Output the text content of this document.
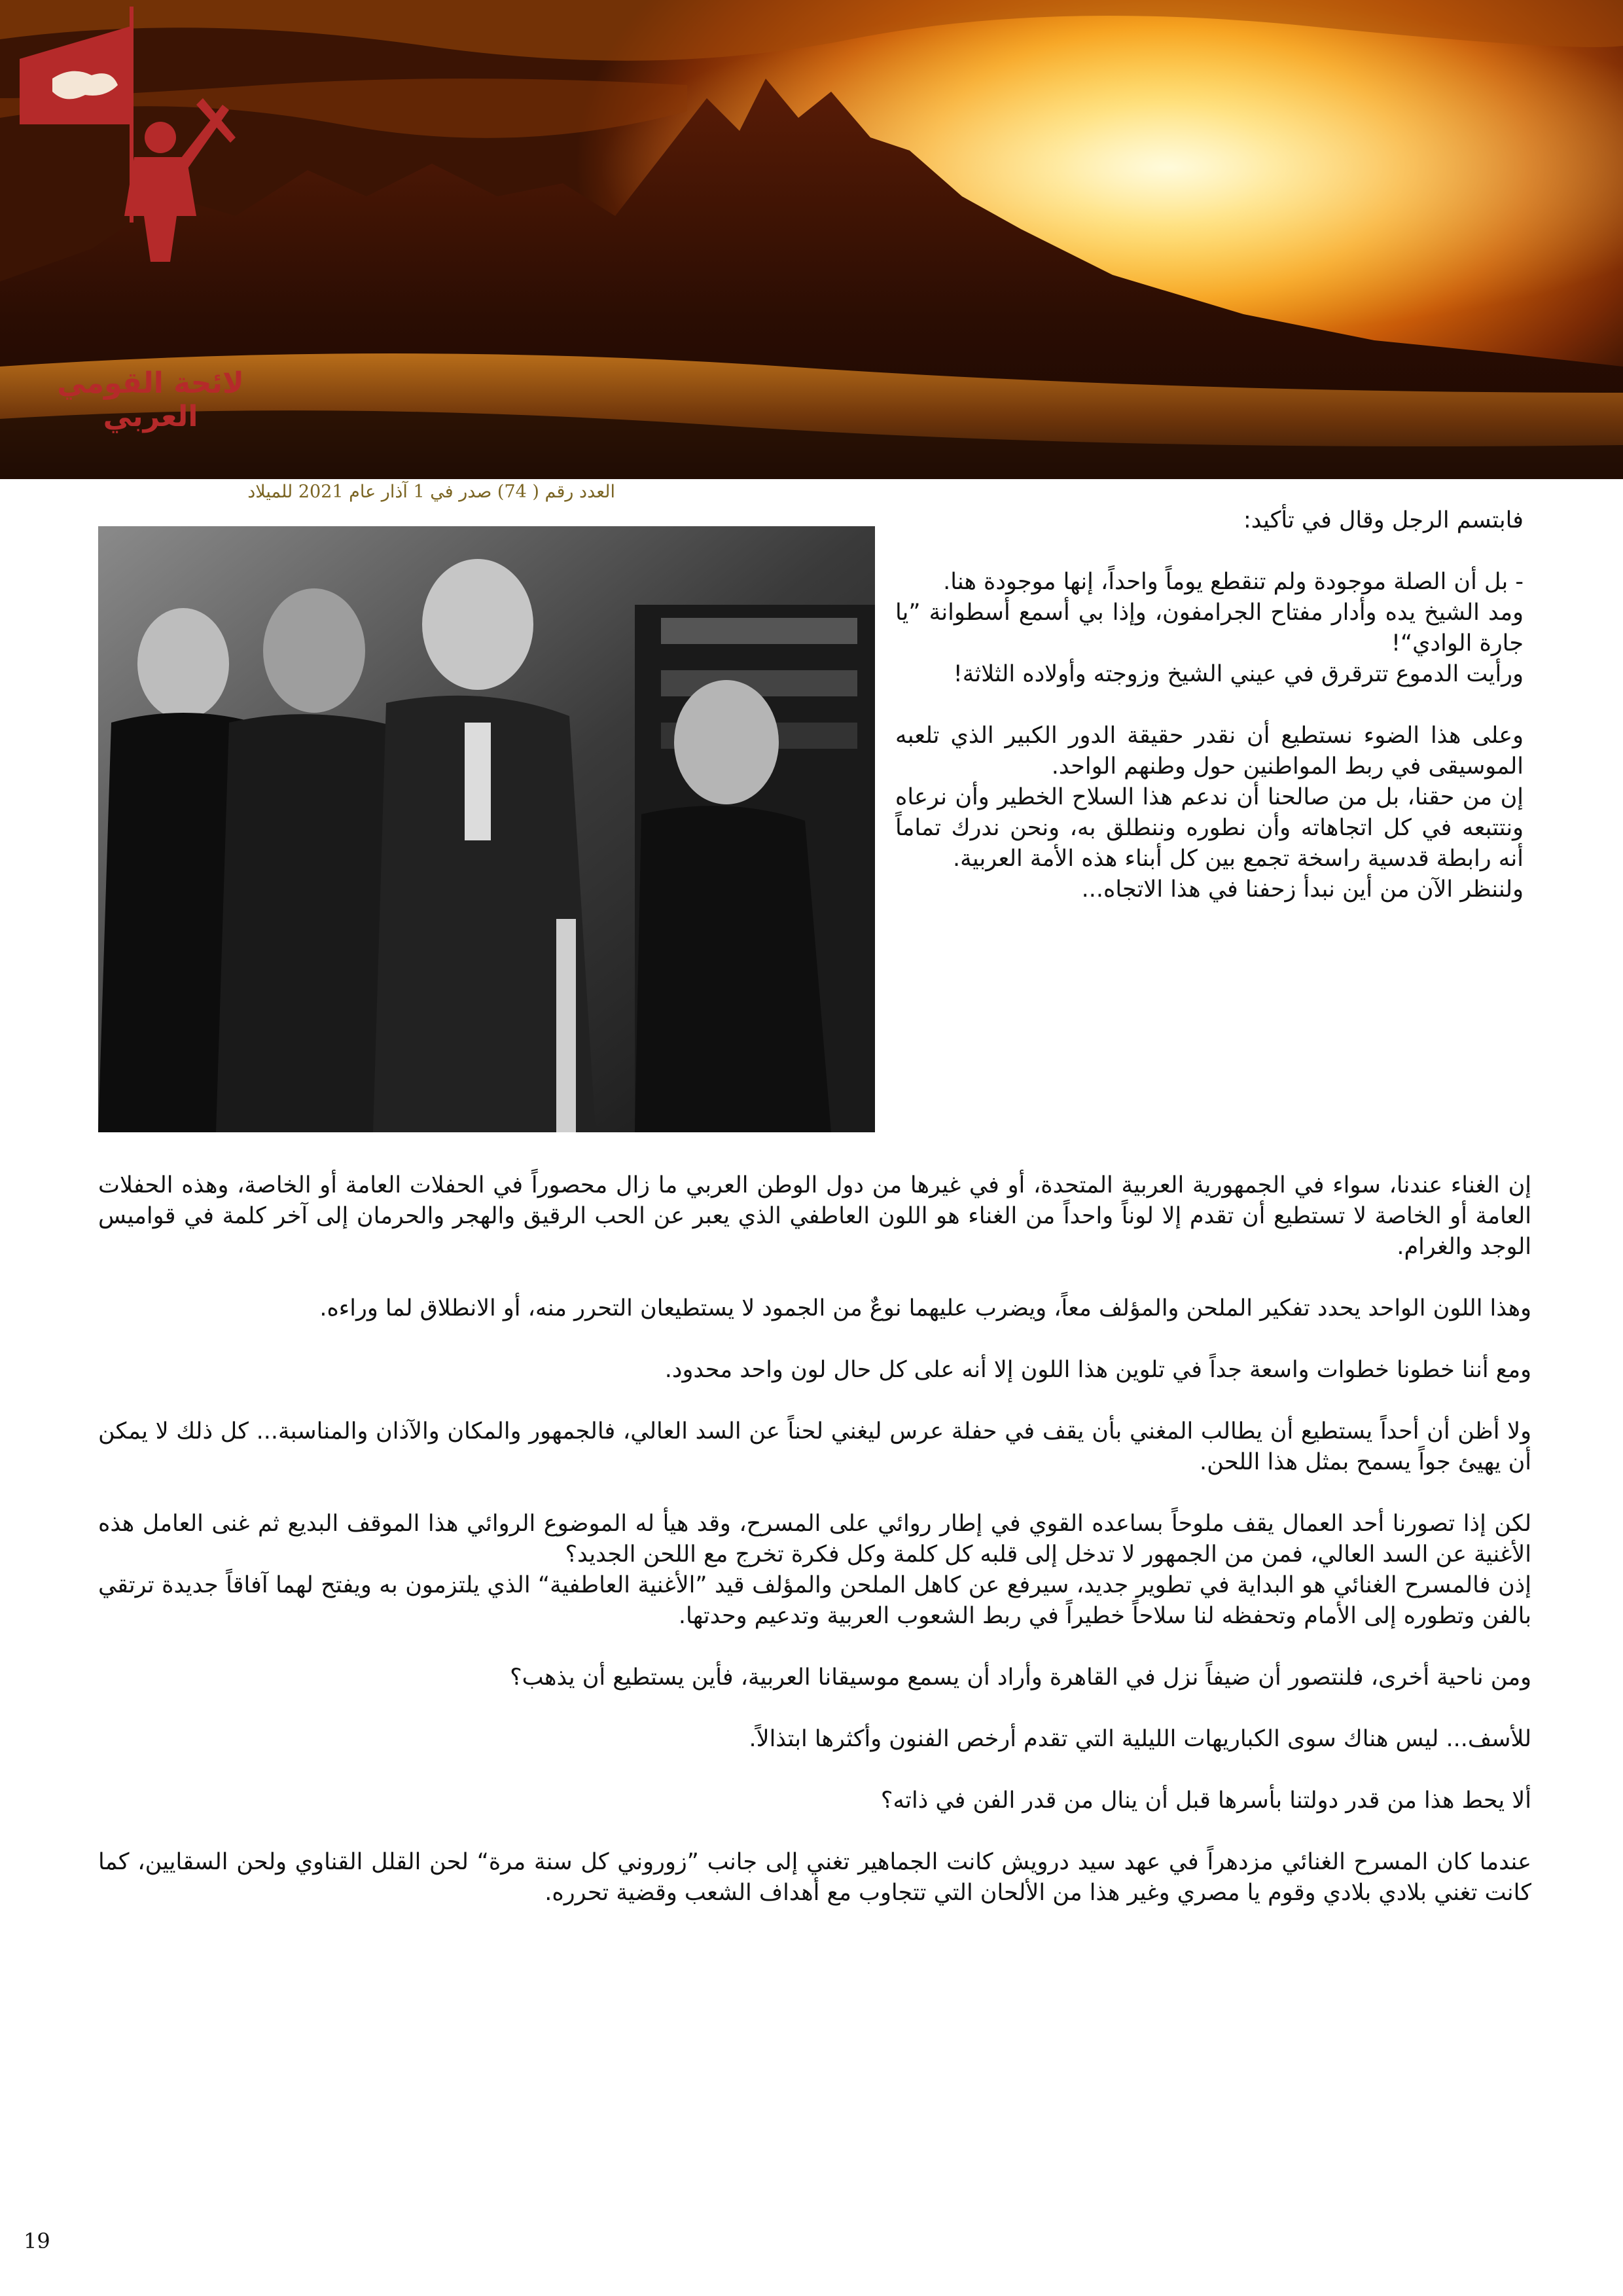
لائحة القومي العربي
العدد رقم ( 74) صدر في 1 آذار عام 2021 للميلاد

فابتسم الرجل وقال في تأكيد:

- بل أن الصلة موجودة ولم تنقطع يوماً واحداً، إنها موجودة هنا.

ومد الشيخ يده وأدار مفتاح الجرامفون، وإذا بي أسمع أسطوانة ”يا جارة الوادي“!

ورأيت الدموع تترقرق في عيني الشيخ وزوجته وأولاده الثلاثة!

وعلى هذا الضوء نستطيع أن نقدر حقيقة الدور الكبير الذي تلعبه الموسيقى في ربط المواطنين حول وطنهم الواحد.

إن من حقنا، بل من صالحنا أن ندعم هذا السلاح الخطير وأن نرعاه ونتتبعه في كل اتجاهاته وأن نطوره وننطلق به، ونحن ندرك تماماً أنه رابطة قدسية راسخة تجمع بين كل أبناء هذه الأمة العربية.

ولننظر الآن من أين نبدأ زحفنا في هذا الاتجاه...

إن الغناء عندنا، سواء في الجمهورية العربية المتحدة، أو في غيرها من دول الوطن العربي ما زال محصوراً في الحفلات العامة أو الخاصة، وهذه الحفلات العامة أو الخاصة لا تستطيع أن تقدم إلا لوناً واحداً من الغناء هو اللون العاطفي الذي يعبر عن الحب الرقيق والهجر والحرمان إلى آخر كلمة في قواميس الوجد والغرام.

وهذا اللون الواحد يحدد تفكير الملحن والمؤلف معاً، ويضرب عليهما نوعٌ من الجمود لا يستطيعان التحرر منه، أو الانطلاق لما وراءه.

ومع أننا خطونا خطوات واسعة جداً في تلوين هذا اللون إلا أنه على كل حال لون واحد محدود.

ولا أظن أن أحداً يستطيع أن يطالب المغني بأن يقف في حفلة عرس ليغني لحناً عن السد العالي، فالجمهور والمكان والآذان والمناسبة... كل ذلك لا يمكن أن يهيئ جواً يسمح بمثل هذا اللحن.

لكن إذا تصورنا أحد العمال يقف ملوحاً بساعده القوي في إطار روائي على المسرح، وقد هيأ له الموضوع الروائي هذا الموقف البديع ثم غنى العامل هذه الأغنية عن السد العالي، فمن من الجمهور لا تدخل إلى قلبه كل كلمة وكل فكرة تخرج مع اللحن الجديد؟

إذن فالمسرح الغنائي هو البداية في تطوير جديد، سيرفع عن كاهل الملحن والمؤلف قيد ”الأغنية العاطفية“ الذي يلتزمون به ويفتح لهما آفاقاً جديدة ترتقي بالفن وتطوره إلى الأمام وتحفظه لنا سلاحاً خطيراً في ربط الشعوب العربية وتدعيم وحدتها.

ومن ناحية أخرى، فلنتصور أن ضيفاً نزل في القاهرة وأراد أن يسمع موسيقانا العربية، فأين يستطيع أن يذهب؟

للأسف... ليس هناك سوى الكباريهات الليلية التي تقدم أرخص الفنون وأكثرها ابتذالاً.

ألا يحط هذا من قدر دولتنا بأسرها قبل أن ينال من قدر الفن في ذاته؟

عندما كان المسرح الغنائي مزدهراً في عهد سيد درويش كانت الجماهير تغني إلى جانب ”زوروني كل سنة مرة“ لحن القلل القناوي ولحن السقايين، كما كانت تغني بلادي بلادي وقوم يا مصري وغير هذا من الألحان التي تتجاوب مع أهداف الشعب وقضية تحرره.

19
